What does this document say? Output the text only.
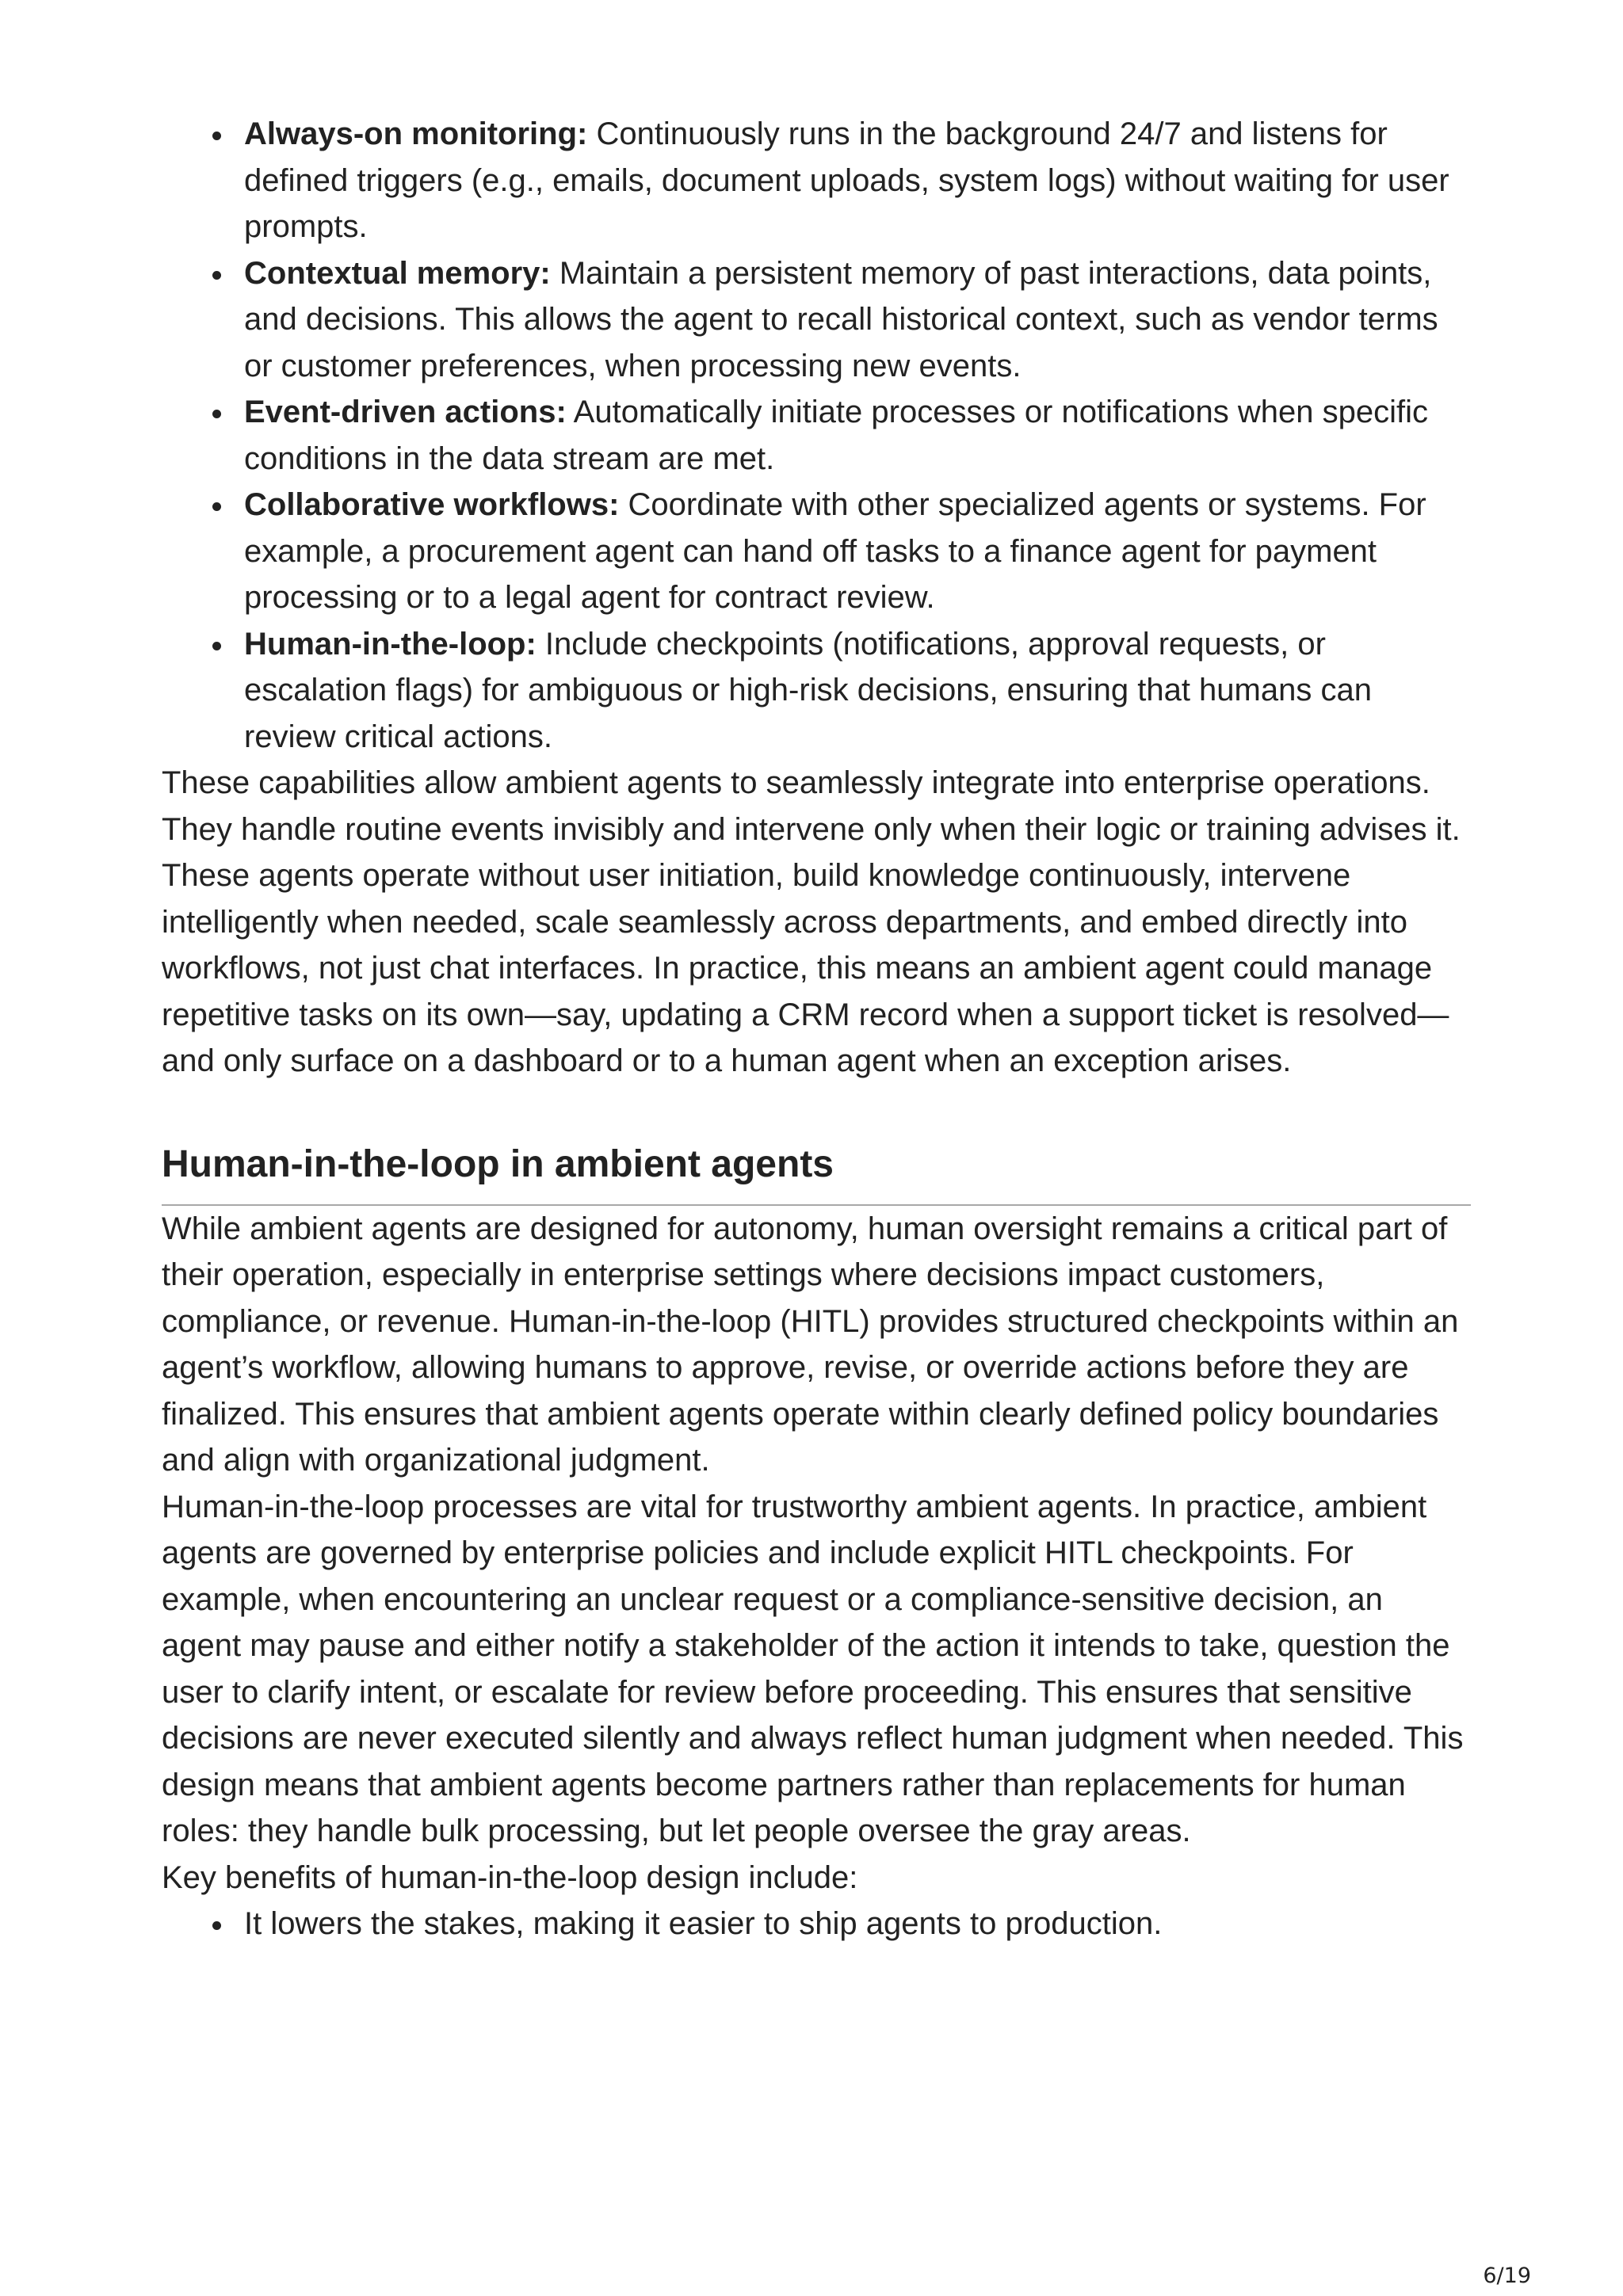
Always-on monitoring: Continuously runs in the background 24/7 and listens for defined triggers (e.g., emails, document uploads, system logs) without waiting for user prompts.
Contextual memory: Maintain a persistent memory of past interactions, data points, and decisions. This allows the agent to recall historical context, such as vendor terms or customer preferences, when processing new events.
Event-driven actions: Automatically initiate processes or notifications when specific conditions in the data stream are met.
Collaborative workflows: Coordinate with other specialized agents or systems. For example, a procurement agent can hand off tasks to a finance agent for payment processing or to a legal agent for contract review.
Human-in-the-loop: Include checkpoints (notifications, approval requests, or escalation flags) for ambiguous or high-risk decisions, ensuring that humans can review critical actions.

These capabilities allow ambient agents to seamlessly integrate into enterprise operations. They handle routine events invisibly and intervene only when their logic or training advises it. These agents operate without user initiation, build knowledge continuously, intervene intelligently when needed, scale seamlessly across departments, and embed directly into workflows, not just chat interfaces. In practice, this means an ambient agent could manage repetitive tasks on its own—say, updating a CRM record when a support ticket is resolved—and only surface on a dashboard or to a human agent when an exception arises.

Human-in-the-loop in ambient agents

While ambient agents are designed for autonomy, human oversight remains a critical part of their operation, especially in enterprise settings where decisions impact customers, compliance, or revenue. Human-in-the-loop (HITL) provides structured checkpoints within an agent’s workflow, allowing humans to approve, revise, or override actions before they are finalized. This ensures that ambient agents operate within clearly defined policy boundaries and align with organizational judgment.

Human-in-the-loop processes are vital for trustworthy ambient agents. In practice, ambient agents are governed by enterprise policies and include explicit HITL checkpoints. For example, when encountering an unclear request or a compliance-sensitive decision, an agent may pause and either notify a stakeholder of the action it intends to take, question the user to clarify intent, or escalate for review before proceeding. This ensures that sensitive decisions are never executed silently and always reflect human judgment when needed. This design means that ambient agents become partners rather than replacements for human roles: they handle bulk processing, but let people oversee the gray areas.

Key benefits of human-in-the-loop design include:

It lowers the stakes, making it easier to ship agents to production.
6/19
